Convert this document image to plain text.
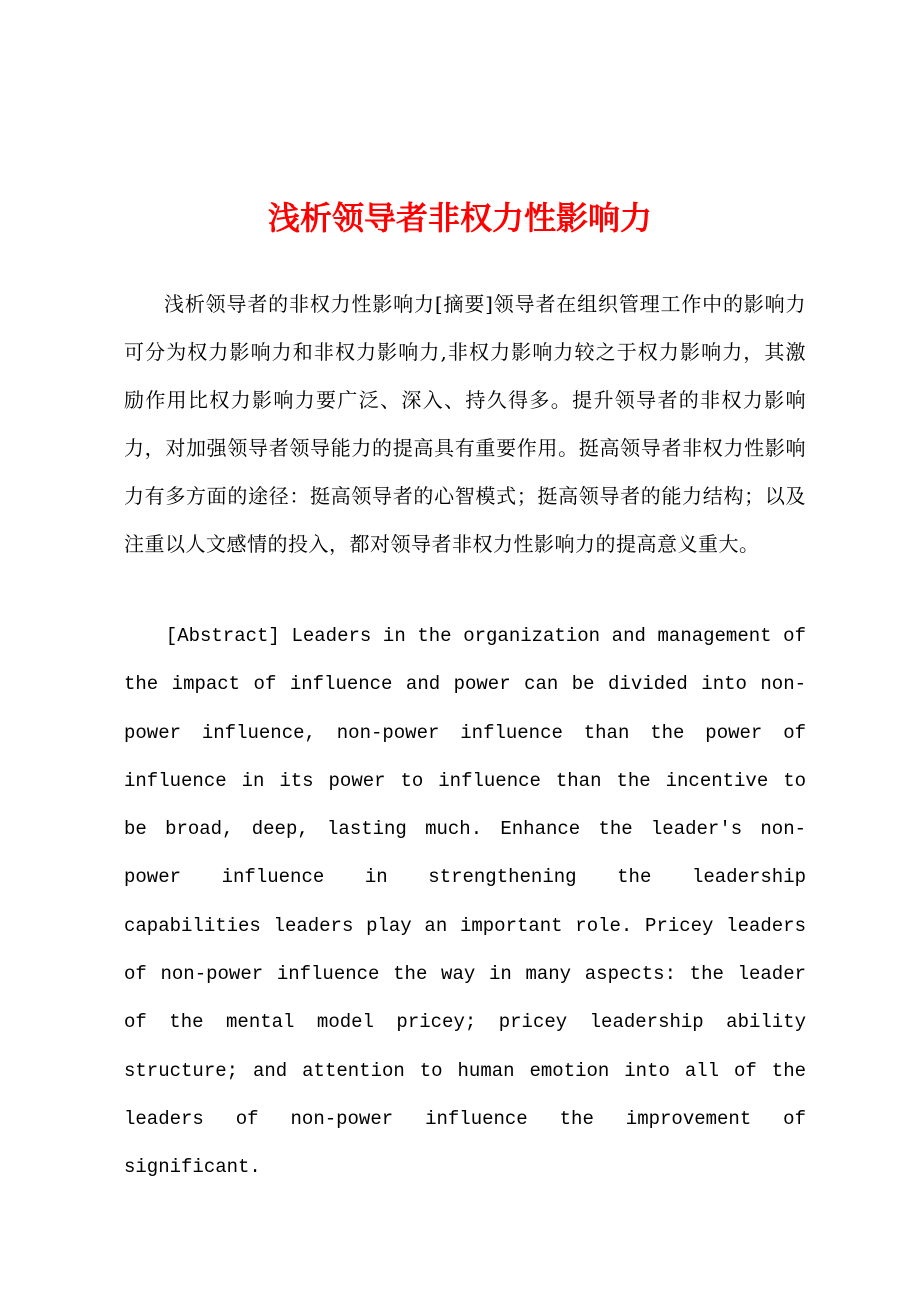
浅析领导者非权力性影响力

浅析领导者的非权力性影响力[摘要]领导者在组织管理工作中的影响力可分为权力影响力和非权力影响力,非权力影响力较之于权力影响力，其激励作用比权力影响力要广泛、深入、持久得多。提升领导者的非权力影响力，对加强领导者领导能力的提高具有重要作用。挺高领导者非权力性影响力有多方面的途径：挺高领导者的心智模式；挺高领导者的能力结构；以及注重以人文感情的投入，都对领导者非权力性影响力的提高意义重大。

[Abstract] Leaders in the organization and management of the impact of influence and power can be divided into non-power influence, non-power influence than the power of influence in its power to influence than the incentive to be broad, deep, lasting much. Enhance the leader's non-power influence in strengthening the leadership capabilities leaders play an important role. Pricey leaders of non-power influence the way in many aspects: the leader of the mental model pricey; pricey leadership ability structure; and attention to human emotion into all of the leaders of non-power influence the improvement of significant.
